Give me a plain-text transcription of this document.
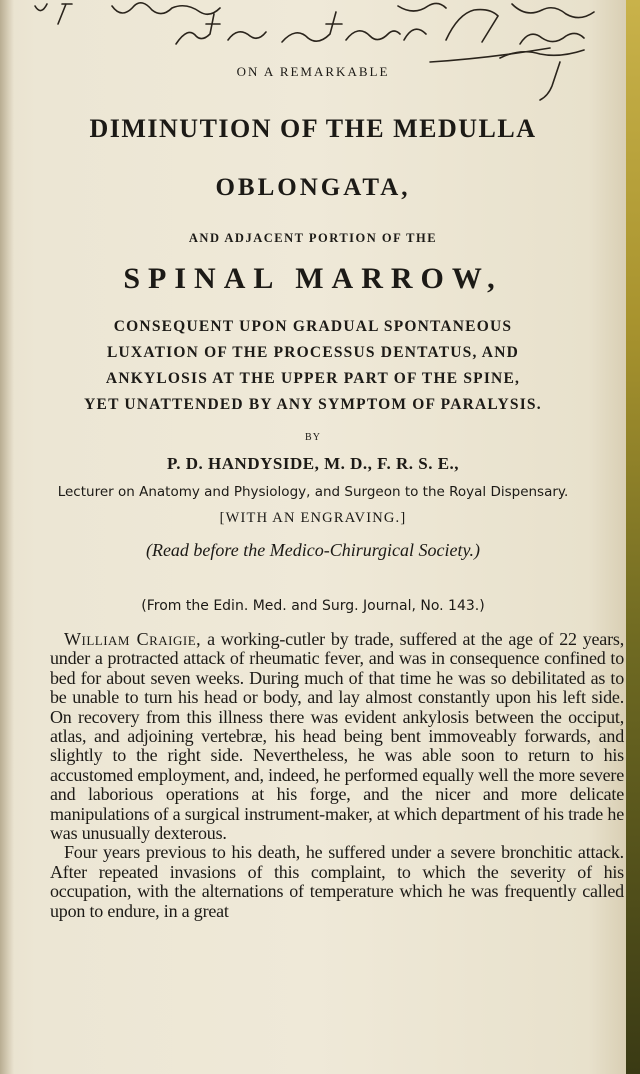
ON A REMARKABLE
DIMINUTION OF THE MEDULLA
OBLONGATA,
AND ADJACENT PORTION OF THE
SPINAL MARROW,
CONSEQUENT UPON GRADUAL SPONTANEOUS
LUXATION OF THE PROCESSUS DENTATUS, AND
ANKYLOSIS AT THE UPPER PART OF THE SPINE,
YET UNATTENDED BY ANY SYMPTOM OF PARALYSIS.
BY
P. D. HANDYSIDE, M. D., F. R. S. E.,
Lecturer on Anatomy and Physiology, and Surgeon to the Royal Dispensary.
[WITH AN ENGRAVING.]
(Read before the Medico-Chirurgical Society.)
(From the Edin. Med. and Surg. Journal, No. 143.)

William Craigie, a working-cutler by trade, suffered at the age of 22 years, under a protracted attack of rheumatic fever, and was in consequence confined to bed for about seven weeks. During much of that time he was so debilitated as to be unable to turn his head or body, and lay almost constantly upon his left side. On recovery from this illness there was evident ankylosis between the occiput, atlas, and adjoining vertebræ, his head being bent immoveably forwards, and slightly to the right side. Nevertheless, he was able soon to return to his accustomed employment, and, indeed, he performed equally well the more severe and laborious operations at his forge, and the nicer and more delicate manipulations of a surgical instrument-maker, at which department of his trade he was unusually dexterous.

Four years previous to his death, he suffered under a severe bronchitic attack. After repeated invasions of this complaint, to which the severity of his occupation, with the alternations of temperature which he was frequently called upon to endure, in a great
